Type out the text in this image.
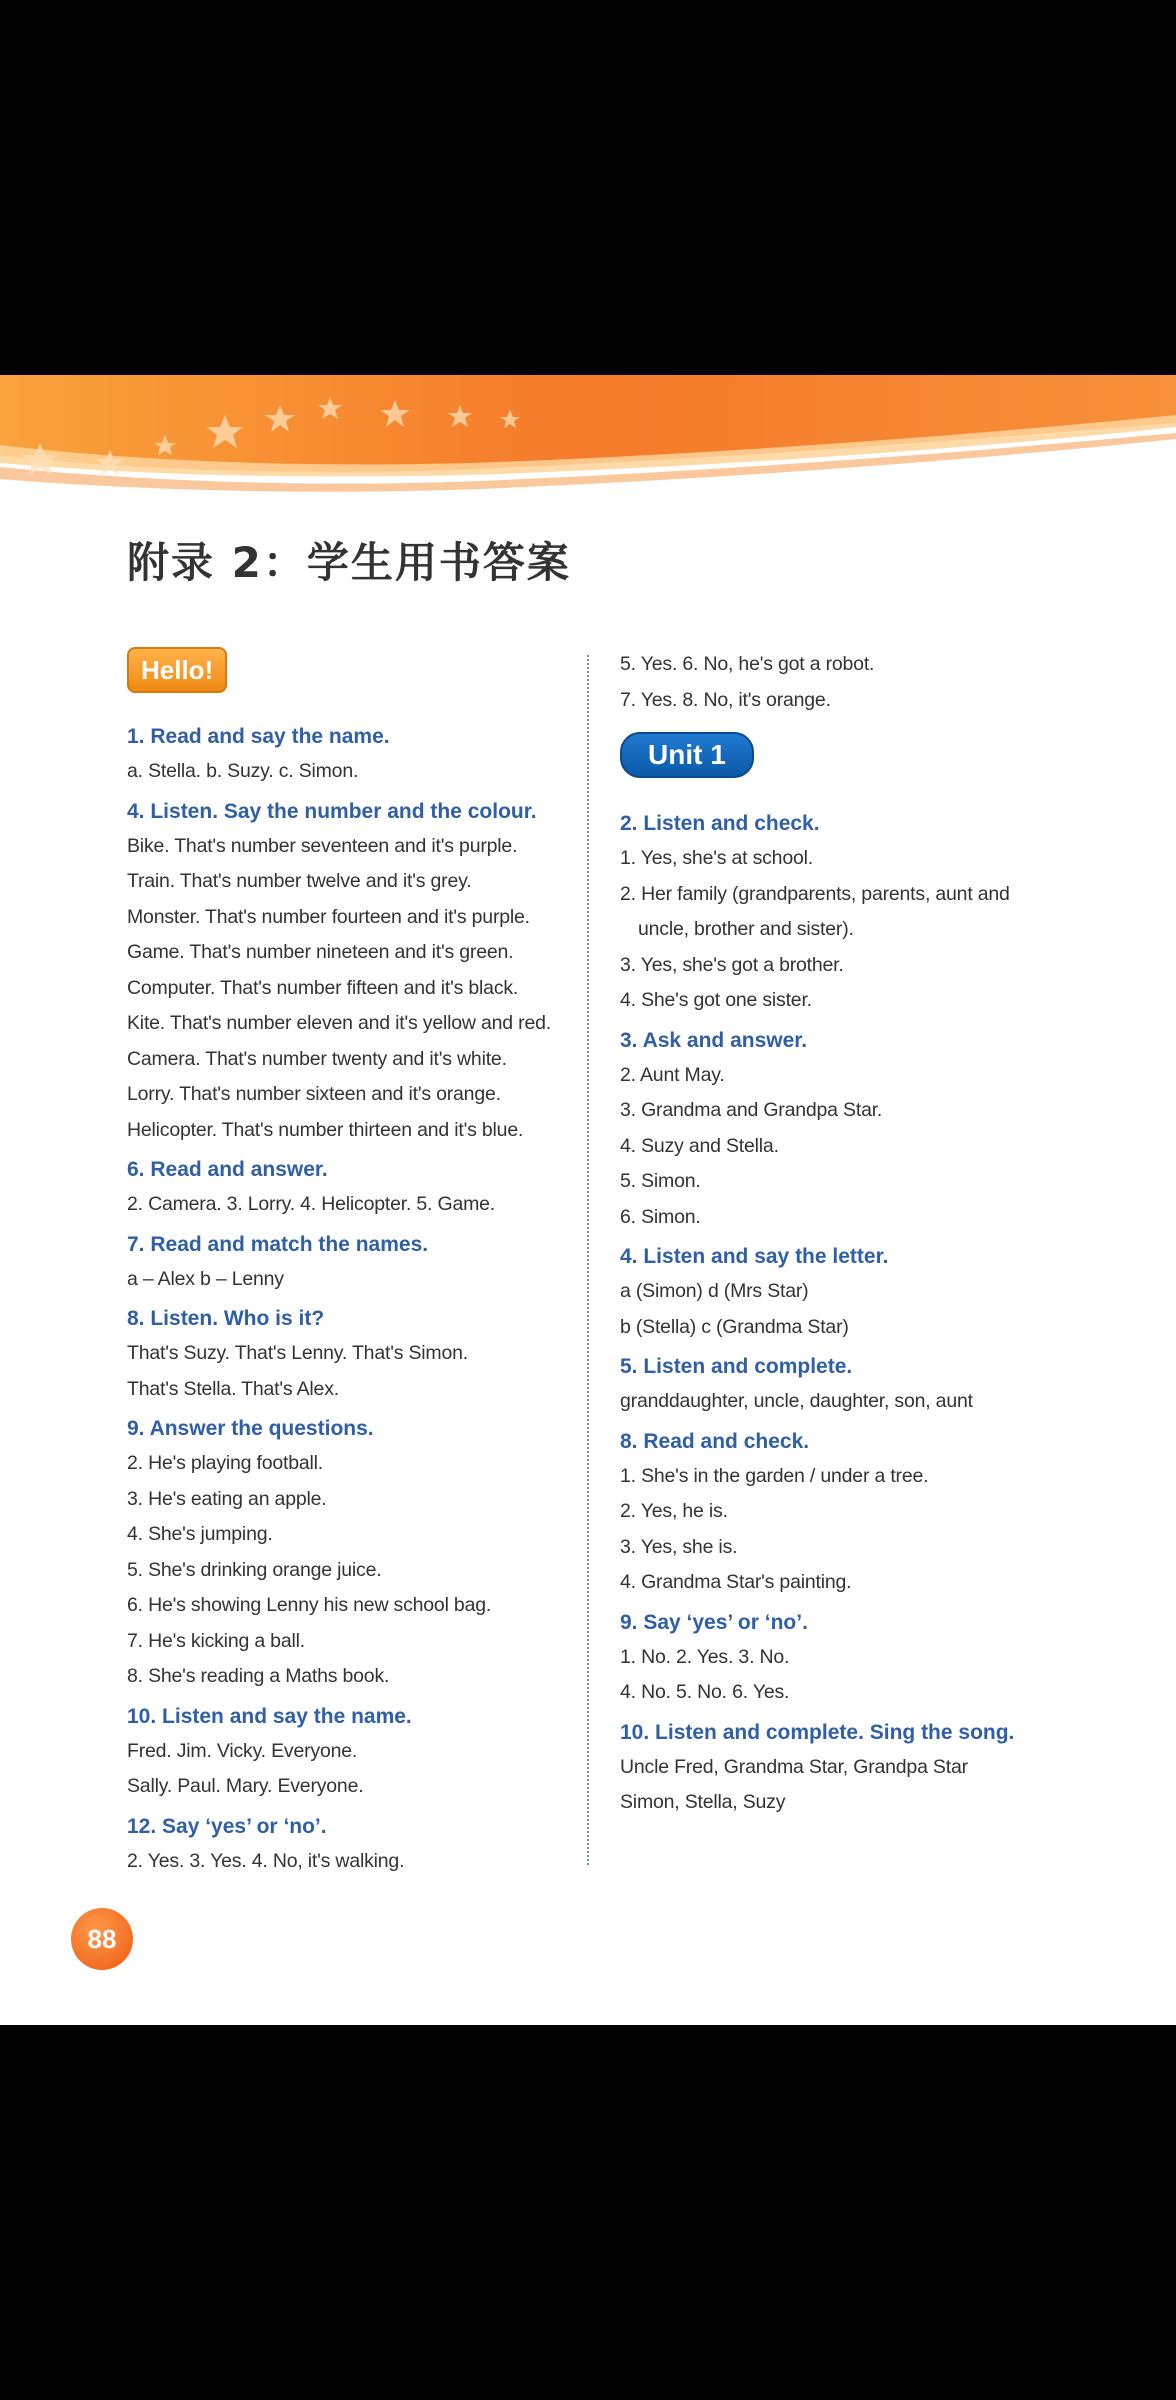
附录 2：学生用书答案
Hello!
1. Read and say the name.
a. Stella. b. Suzy. c. Simon.
4. Listen. Say the number and the colour.
Bike. That's number seventeen and it's purple.
Train. That's number twelve and it's grey.
Monster. That's number fourteen and it's purple.
Game. That's number nineteen and it's green.
Computer. That's number fifteen and it's black.
Kite. That's number eleven and it's yellow and red.
Camera. That's number twenty and it's white.
Lorry. That's number sixteen and it's orange.
Helicopter. That's number thirteen and it's blue.
6. Read and answer.
2. Camera. 3. Lorry. 4. Helicopter. 5. Game.
7. Read and match the names.
a – Alex b – Lenny
8. Listen. Who is it?
That's Suzy. That's Lenny. That's Simon.
That's Stella. That's Alex.
9. Answer the questions.
2. He's playing football.
3. He's eating an apple.
4. She's jumping.
5. She's drinking orange juice.
6. He's showing Lenny his new school bag.
7. He's kicking a ball.
8. She's reading a Maths book.
10. Listen and say the name.
Fred. Jim. Vicky. Everyone.
Sally. Paul. Mary. Everyone.
12. Say ‘yes’ or ‘no’.
2. Yes. 3. Yes. 4. No, it's walking.
5. Yes. 6. No, he's got a robot.
7. Yes. 8. No, it's orange.
Unit 1
2. Listen and check.
1. Yes, she's at school.
2. Her family (grandparents, parents, aunt and
uncle, brother and sister).
3. Yes, she's got a brother.
4. She's got one sister.
3. Ask and answer.
2. Aunt May.
3. Grandma and Grandpa Star.
4. Suzy and Stella.
5. Simon.
6. Simon.
4. Listen and say the letter.
a (Simon) d (Mrs Star)
b (Stella) c (Grandma Star)
5. Listen and complete.
granddaughter, uncle, daughter, son, aunt
8. Read and check.
1. She's in the garden / under a tree.
2. Yes, he is.
3. Yes, she is.
4. Grandma Star's painting.
9. Say ‘yes’ or ‘no’.
1. No. 2. Yes. 3. No.
4. No. 5. No. 6. Yes.
10. Listen and complete. Sing the song.
Uncle Fred, Grandma Star, Grandpa Star
Simon, Stella, Suzy
88
